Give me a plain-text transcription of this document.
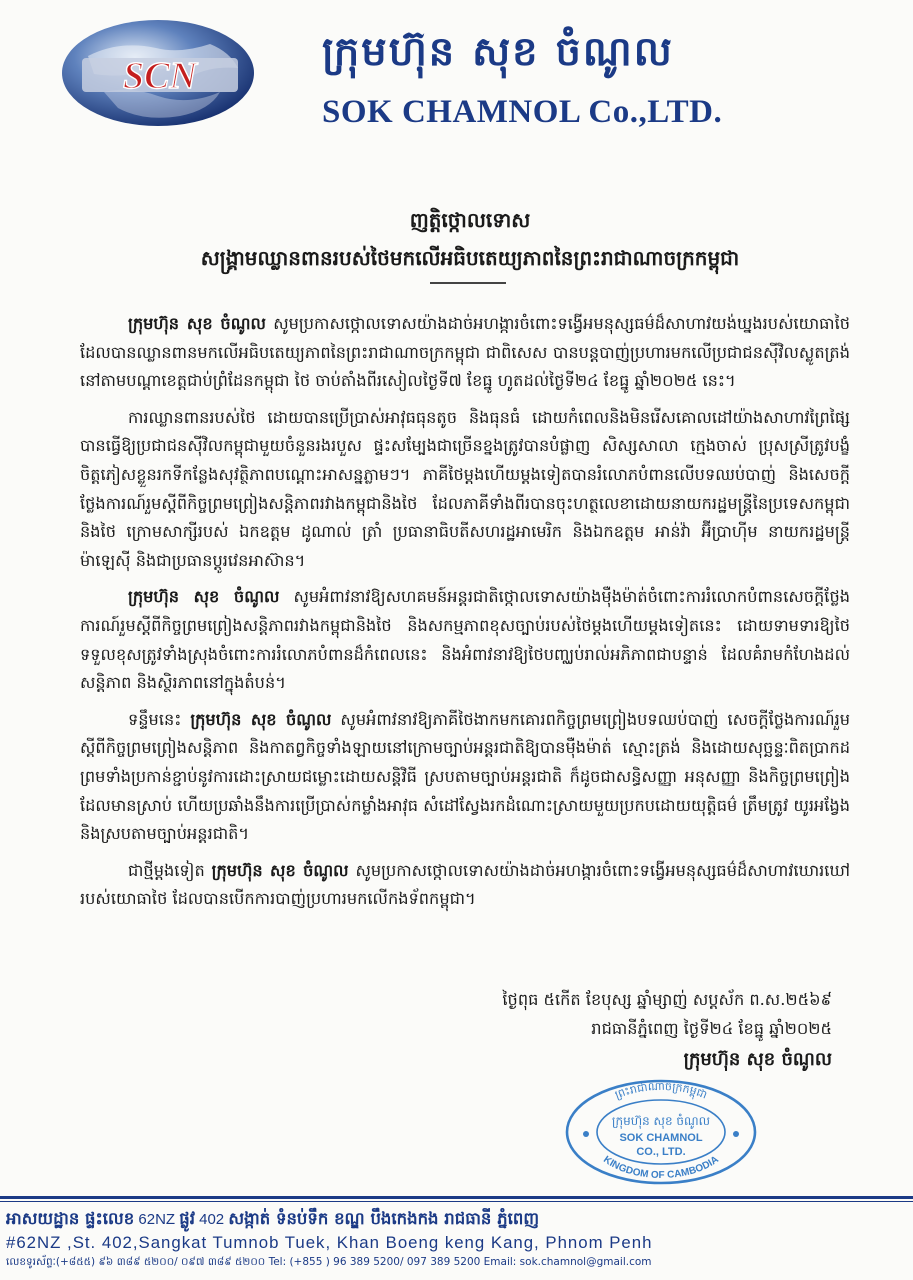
SCN
ក្រុមហ៊ុន សុខ ចំណូល
SOK CHAMNOL Co.,LTD.
ញត្តិថ្កោលទោស
សង្គ្រាមឈ្លានពានរបស់ថៃមកលើអធិបតេយ្យភាពនៃព្រះរាជាណាចក្រកម្ពុជា

ក្រុមហ៊ុន សុខ ចំណូល សូមប្រកាសថ្កោលទោសយ៉ាងដាច់អហង្ការចំពោះទង្វើអមនុស្សធម៌ដ៏សាហាវយង់ឃ្នងរបស់យោធាថៃ ដែលបានឈ្លានពានមកលើអធិបតេយ្យភាពនៃព្រះរាជាណាចក្រកម្ពុជា ជាពិសេស បានបន្តបាញ់ប្រហារមកលើប្រជាជនស៊ីវិលស្លូតត្រង់នៅតាមបណ្តាខេត្តជាប់ព្រំដែនកម្ពុជា ថៃ ចាប់តាំងពីរសៀលថ្ងៃទី៧ ខែធ្នូ ហូតដល់ថ្ងៃទី២៤ ខែធ្នូ ឆ្នាំ២០២៥ នេះ។

ការឈ្លានពានរបស់ថៃ ដោយបានប្រើប្រាស់អាវុធធុនតូច និងធុនធំ ដោយកំពេលនិងមិនរើសគោលដៅយ៉ាងសាហាវព្រៃផ្សៃ បានធ្វើឱ្យប្រជាជនស៊ីវិលកម្ពុជាមួយចំនួនរងរបួស ផ្ទះសម្បែងជាច្រើនខ្នងត្រូវបានបំផ្លាញ សិស្សសាលា ក្មេងចាស់ ប្រុសស្រីត្រូវបង្ខំចិត្តភៀសខ្លួនរកទីកន្លែងសុវត្ថិភាពបណ្ដោះអាសន្នភ្លាមៗ។ ភាគីថៃម្ដងហើយម្ដងទៀតបានរំលោភបំពានលើបទឈប់បាញ់ និងសេចក្ដីថ្លែងការណ៍រួមស្ដីពីកិច្ចព្រមព្រៀងសន្តិភាពរវាងកម្ពុជានិងថៃ ដែលភាគីទាំងពីរបានចុះហត្ថលេខាដោយនាយករដ្ឋមន្ត្រីនៃប្រទេសកម្ពុជា និងថៃ ក្រោមសាក្សីរបស់ ឯកឧត្តម ដូណាល់ ត្រាំ ប្រធានាធិបតីសហរដ្ឋអាមេរិក និងឯកឧត្តម អាន់វ៉ា អ៊ីប្រាហ៊ីម នាយករដ្ឋមន្ត្រីម៉ាឡេស៊ី និងជាប្រធានប្ដូរវេនអាស៊ាន។

ក្រុមហ៊ុន សុខ ចំណូល សូមអំពាវនាវឱ្យសហគមន៍អន្តរជាតិថ្កោលទោសយ៉ាងម៉ឺងម៉ាត់ចំពោះការរំលោកបំពានសេចក្ដីថ្លែងការណ៍រួមស្ដីពីកិច្ចព្រមព្រៀងសន្តិភាពរវាងកម្ពុជានិងថៃ និងសកម្មភាពខុសច្បាប់របស់ថៃម្ដងហើយម្ដងទៀតនេះ ដោយទាមទារឱ្យថៃទទួលខុសត្រូវទាំងស្រុងចំពោះការរំលោភបំពានដ៏កំពេលនេះ និងអំពាវនាវឱ្យថៃបញ្ឈប់រាល់អភិភាពជាបន្ទាន់ ដែលគំរាមកំហែងដល់សន្តិភាព និងស្ថិរភាពនៅក្នុងតំបន់។

ទន្ទឹមនេះ ក្រុមហ៊ុន សុខ ចំណូល សូមអំពាវនាវឱ្យភាគីថៃងាកមកគោរពកិច្ចព្រមព្រៀងបទឈប់បាញ់ សេចក្ដីថ្លែងការណ៍រួមស្ដីពីកិច្ចព្រមព្រៀងសន្តិភាព និងកាតព្វកិច្ចទាំងឡាយនៅក្រោមច្បាប់អន្តរជាតិឱ្យបានម៉ឺងម៉ាត់ ស្មោះត្រង់ និងដោយសុច្ឆន្ទៈពិតប្រាកដ ព្រមទាំងប្រកាន់ខ្ជាប់នូវការដោះស្រាយជម្លោះដោយសន្តិវិធី ស្របតាមច្បាប់អន្តរជាតិ ក៏ដូចជាសន្ធិសញ្ញា អនុសញ្ញា និងកិច្ចព្រមព្រៀងដែលមានស្រាប់ ហើយប្រឆាំងនឹងការប្រើប្រាស់កម្លាំងអាវុធ សំដៅស្វែងរកដំណោះស្រាយមួយប្រកបដោយយុត្តិធម៌ ត្រឹមត្រូវ យូរអង្វែង និងស្របតាមច្បាប់អន្តរជាតិ។

ជាថ្មីម្តងទៀត ក្រុមហ៊ុន សុខ ចំណូល សូមប្រកាសថ្កោលទោសយ៉ាងដាច់អហង្ការចំពោះទង្វើអមនុស្សធម៌ដ៏សាហាវឃោរឃៅរបស់យោធាថៃ ដែលបានបើកការបាញ់ប្រហារមកលើកងទ័ពកម្ពុជា។

ថ្ងៃពុធ ៥កើត ខែបុស្ស ឆ្នាំម្សាញ់ សប្តស័ក ព.ស.២៥៦៩
រាជធានីភ្នំពេញ ថ្ងៃទី២៤ ខែធ្នូ ឆ្នាំ២០២៥
ក្រុមហ៊ុន សុខ ចំណូល
ព្រះរាជាណាចក្រកម្ពុជា
KINGDOM OF CAMBODIA
ក្រុមហ៊ុន សុខ ចំណូល
SOK CHAMNOL
CO., LTD.
អាសយដ្ឋាន ផ្ទះលេខ 62NZ ផ្លូវ 402 សង្កាត់ ទំនប់ទឹក ខណ្ឌ បឹងកេងកង រាជធានី ភ្នំពេញ
#62NZ ,St. 402,Sangkat Tumnob Tuek, Khan Boeng keng Kang, Phnom Penh
លេខទូរស័ព្ទៈ(+៨៥៥) ៩៦ ៣៨៩ ៥២០០/ ០៩៧ ៣៨៩ ៥២០០ Tel: (+855 ) 96 389 5200/ 097 389 5200 Email: sok.chamnol@gmail.com
